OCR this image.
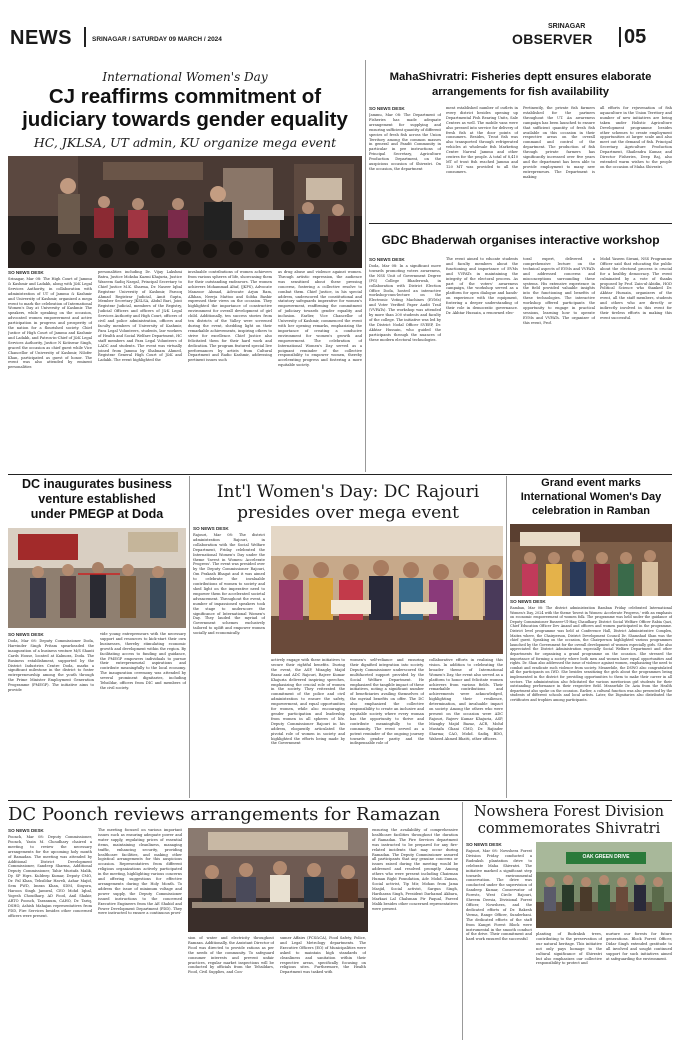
NEWS	SRINAGAR / SATURDAY 09 MARCH / 2024
SRINAGAR
OBSERVER 05
International Women's Day
CJ reaffirms commitment of
judiciary towards gender equality
HC, JKLSA, UT admin, KU organize mega event
SO NEWS DESK

Srinagar, Mar 08: The High Court of Jammu & Kashmir and Ladakh, along with J&K Legal Services Authority, in collaboration with administration of UT of Jammu & Kashmir and University of Kashmir, organized a mega event to mark the celebration of International Women's Day at University of Kashmir. The speakers, while speaking on the occasion, advocated women empowerment and active participation in progress and prosperity of the nation for a flourished society. Chief Justice of High Court of Jammu and Kashmir and Ladakh, and Patron-in-Chief of J&K Legal Services Authority, Justice N Kotiswar Singh, graced the occasion as chief guest while Vice Chancellor of University of Kashmir, Nilofer Khan, participated as guest of honor. The event was also attended by eminent personalities

personalities including Dr. Vijay Lakshmi Batra, Justice Moksha Kazmi Khajuria, Justice Waseem Sadiq Nargal, Principal Secretary to Chief Justice M.K. Sharma, Dr. Naseer Iqbal Registrar University of Kashmir, Farooq Ahmad Registrar Judicial, Amit Gupta, Member Secretary JKSLSA, Abdul Bari, Joint Registrar Judicial, members of the Registry, Judicial Officers and officers of J&K Legal Services Authority and High Court, officers of civil and police administration, officers and faculty members of University of Kashmir, Para Legal Volunteers, students, law workers of Health and Social Welfare Department, HC staff members and Para Legal Volunteers of LADC and students. The event was virtually joined from Jammu by Shabnam Ahmed, Registrar General High Court of J&K and Ladakh. The event highlighted the

invaluable contributions of women achievers from various spheres of life, showcasing them for their outstanding endeavors. The women achievers Mohammad Altaf, (JKPS), Advocate Manzoor Ahmad, Advocate Arjun Ram, Alhhan, Neerja Mattoo and Sobha Bashir expressed their views on the occasion. They highlighted the importance of constructive environment for overall development of girl child. Additionally, ten success stories from ten districts of the Valley were screened during the event, shedding light on their remarkable achievements, inspiring others to strive for excellence. Chief Justice also felicitated them for their hard work and dedication. The program featured special live performances by artists from Cultural Department and Radio Kashmir, addressing pertinent issues such

as drug abuse and violence against women. Through artistic expression, the audience was sensitized about these pressing concerns, fostering a collective resolve to combat them. Chief Justice, in his special address, underscored the constitutional and statutory safeguards imperative for women's empowerment, reaffirming the commitment of judiciary towards gender equality and inclusion. Earlier, Vice Chancellor of University of Kashmir, commenced the event with her opening remarks, emphasizing the importance of creating a conducive environment for women's growth and empowerment. The celebration of International Women's Day served as a poignant reminder of the collective responsibility to empower women, thereby accelerating progress and fostering a more equitable society.

MahaShivratri: Fisheries deptt ensures elaborate
arrangements for fish availability
SO NEWS DESK

Jammu, Mar 08: The Department of Fisheries has made adequate arrangement for supplying and ensuring sufficient quantity of different species of fresh fish across the Union Territory among the common masses in general and Pandit Community in particular in pre instructions of Principal Secretary, Agriculture Production Department, on the auspicious occasion of Shivratri. On the occasion, the department

ment established number of outlets in every district besides opening up Departmental Fish Rearing Units, Sale Centers as well. The mobile vans were also pressed into service for delivery of fresh fish at the door points of consumers. Besides, Trout fish was also transported through refrigerated vehicles at wholesale fish Marketing Centre Narwal Jammu and other centres for the people. A total of 8,410 MT of trout fish reached Jammu and 120 MT was provided to all the consumers.

Pertinently, the private fish farmers established for the partners throughout the UT. An awareness campaign has been launched to ensure that sufficient quantity of fresh fish available on this occasion in their respective areas on the overall command and control of the department. The production of fish through private farmers has significantly increased over five years and the department has been able to provide employment to many new entrepreneurs. The Department is making

all efforts for rejuvenation of fish aquaculture in the Union Territory and number of new initiatives are being taken under Holistic Agriculture Development programme besides other schemes to create employment opportunities at larger scale and also meet out the demand of fish. Principal Secretary, Agriculture Production Department, Shailendra Kumar, and Director Fisheries, Deep Raj, also extended warm wishes to the people on the occasion of Maha Shivratri.

GDC Bhaderwah organises interactive workshop
SO NEWS DESK

Doda, Mar 08: In a significant move towards promoting voters awareness, the NSS Unit of Government Degree (PG) College Bhaderwah, in collaboration with District Election Office Doda, hosted an interactive workshop-cum-lecture on the Electronic Voting Machines (EVMs) and Voter Verified Paper Audit Trail (VVPATs). The workshop was attended by more than 200 students and faculty of the college. The initiative was led by the District Nodal Officer SVEEP, Dr. Akhtar Hussain, who guided the participants through the nuances of these modern electoral technologies.

The event aimed to educate students and faculty members about the functioning and importance of EVMs and VVPATs in maintaining the integrity of the electoral process. As part of the voters' awareness campaign, the workshop served as a platform for open dialogue and hands-on experience with the equipment, fostering a deeper understanding of their role in democratic governance. Dr. Akhtar Hussain, a renowned elec-

toral expert, delivered a comprehensive lecture on the technical aspects of EVMs and VVPATs and addressed concerns and misconceptions surrounding these systems. His extensive experience in the field provided valuable insights into the functioning and benefits of these technologies. The interactive workshop offered participants the opportunity to engage in practical sessions, learning how to operate EVMs and VVPATs. The organizer of this event, Prof.

Mohd Yaseen Siwani, NSS Programme Officer said that educating the public about the electoral process is crucial for a healthy democracy. The event culminated by a vote of thanks proposed by Prof. Zain-ul-Abidin, HOD Political Science who thanked Dr. Akhtar Hussain, organizers of the event, all the staff members, students and others who are directly or indirectly involved in this event for their tireless efforts in making this event successful.

DC inaugurates business
venture established
under PMEGP at Doda
SO NEWS DESK

Doda, Mar 08: Deputy Commissioner Doda, Harvinder Singh Pritam spearheaded the inauguration of a business venture M/S Shanti Cards House, located at Kalmora, Doda. The Business establishment, supported by the District Industries Centre Doda, marks a significant milestone in the district to foster entrepreneurship among the youth through the Prime Minister Employment Generation Programme (PMEGP). The initiative aims to provide

vide young entrepreneurs with the necessary support and resources to kick-start their own businesses, thereby stimulating economic growth and development within the region. By facilitating access to funding and guidance, the PMEGP empowers individuals to pursue their entrepreneurial aspirations and contribute meaningfully to the local economy. The inauguration ceremony was attended by several prominent dignitaries, including Tehsildar, officers from DIC and members of the civil society.

Int'l Women's Day: DC Rajouri
presides over mega event
SO NEWS DESK

Rajouri, Mar 08: The district administration Rajouri, in collaboration with the Social Welfare Department, Friday celebrated the International Women's Day under the theme 'Invest in Women: Accelerate Progress'. The event was presided over by the Deputy Commissioner Rajouri, Om Prakash Bhagat and it was aimed to celebrate the invaluable contributions of women to society and shed light on the imperative need to empower them for accelerated societal advancement. Throughout the event, a number of impassioned speakers took the stage to underscore the significance of International Women's Day. They lauded the myriad of Government schemes exclusively tailored to uplift and empower women socially and economically.

actively engage with these initiatives to secure their rightful benefits. During the event, the ASP, Mizaghy Majid Bazaz and ADC Rajouri, Rajeev Kumar Khajuria delivered inspiring speeches, emphasizing the crucial role of women in the society. They reiterated the commitment of the police and civil administration to ensure the safety, empowerment, and equal opportunities for women, while also encouraging gender participation and leadership from women in all spheres of life. Deputy Commissioner Rajouri in his address, eloquently articulated the pivotal role of women in society and highlighted the efforts being made by the Government

women's self-reliance and ensuring their dignified integration into society. Deputy Commissioner underscored the multifaceted support provided by the Social Welfare Department. He emphasized the tangible impact of these initiatives, noting a significant number of beneficiaries availing themselves of the myriad benefits on offer. The DC also emphasized the collective responsibility to create an inclusive and equitable society where every woman has the opportunity to thrive and contribute meaningfully to the community. The event served as a potent reminder of the ongoing journey towards gender parity and the indispensable role of

collaborative efforts in realizing this vision. In addition to celebrating the broader theme of International Women's Day, the event also served as a platform to honor and felicitate women achievers from various fields. Their remarkable contributions and achievements were acknowledged, highlighting their resilience, determination, and invaluable impact on society. Among the others who were present on the occasion were ADC Rajouri, Rajeev Kumar Khajuria, ASP, Mizaghy Majid Bazaz, ACR, Mohd Mustafa Ghani CMO, Dr. Rajinder Sharma; CAO, Mohd. Sadiq, BDO, Waheed Ahmed Bhatti, other officers.

Grand event marks
International Women's Day
celebration in Ramban
SO NEWS DESK

Ramban, Mar 08: The district administration Ramban Friday celebrated International Women's Day, 2024 with the theme 'Invest in Women: Accelerate Progress,' with an emphasis on economic empowerment of women folk. The programme was held under the guidance of Deputy Commissioner Basseer-Ul-Haq Chaudhary. District Social Welfare Officer Rabia Qazi, Chief Education Officer Dev Anand and officers and women participated in the programme. District level programme was held at Conference Hall, District Administrative Complex, Maitra where, the Chairperson, District Development Council Dr. Shamshad Shan was the chief guest. Speaking on the occasion, the Chairperson highlighted various programmes launched by the Government for the overall development of women especially girls. She also appreciated the District Administration especially Social Welfare Department and other departments for organizing a grand programme on the occasion. She stressed the importance of forming a society where both men and women have equal opportunities and rights. Dr. Shan also addressed the issue of violence against women, emphasizing the need to combat and eradicate such violence from society. Meanwhile, the DSWO also congratulated all the participants on IWD. She besides sensitizing the girls about the programmes being implemented in the district for providing opportunities to them to make their career in all sectors. The administration also felicitated the various meritorious girl students for their outstanding performance in their respective field. Meanwhile Dr. Azia from the Health department also spoke on the occasion. Earlier, a cultural function was also presented by the students of different schools and local artists. Later, the Dignitaries also distributed the certificates and trophies among participants.

DC Poonch reviews arrangements for Ramazan
SO NEWS DESK

Poonch, Mar 08: Deputy Commissioner, Poonch, Yasin M. Choudhary chaired a meeting to review the necessary arrangements for the upcoming holy month of Ramadan. The meeting was attended by Additional District Development Commissioner, Sandeep Sharma, Additional Deputy Commissioner, Tahir Mustafa Malik, Dy. SP Hqrs. Kuldeep Kumar, Deputy CMO, Dr. Pal Khan, Tehsildar Haveli, Azhar Majid, Sem PWD, Imran Khan, SDM, Sinyora, Haroon Singh Jamwal, CEO Mohd Iqbal, Yogesh Choudhary, AD Food, Anil Shakir, ARTO Poonch, Tarannum, CAHO, Dr. Tariq, DSHO, Ashish Mahajan representatives from PDD, Fire Services besides other concerned officers were present.

The meeting focused on various important issues such as ensuring adequate power and water supply, regulating prices of essential items, maintaining cleanliness, managing traffic, enhancing security, providing healthcare facilities, and making other logistical arrangements for this auspicious occasion. Representatives from different religious organizations actively participated in the meeting, highlighting various concerns and offering suggestions for effective arrangements during the Holy Month. To address the issue of minimum voltage and power supply, the Deputy Commissioner issued instructions to the concerned Executive Engineers from the AE Shahid and Power Development Department (PDD). They were instructed to ensure a continuous provi-

sion of water and electricity throughout Ramzan. Additionally, the Assistant Director of Food was directed to provide rations as per the needs of the community. To safeguard consumer interests and prevent unfair practices, regular market inspections will be conducted by officials from the Tehsildars, Food, Civil Supplies, and Con-

sumer Affairs (FCS&CA), Food Safety, Police, and Legal Metrology departments. The Executive Officers (EO) of Municipalities were asked to maintain high standards of cleanliness and sanitation within their respective areas, specifically focusing on religious sites. Furthermore, the Health Department was tasked with

ensuring the availability of comprehensive healthcare facilities throughout the duration of Ramadan. The Fire Services department was instructed to be prepared for any fire-related incidents that may occur during Ramadan. The Deputy Commissioner assured all participants that any genuine concerns or issues raised during the meeting would be addressed and resolved promptly. Among others who were present including Chairman Human Right Foundation, Adv. Mohd. Zaman, Social activist, Tip Mir, Mohan from Jama Masjid, Social activist, Sargun Singh, Hariharan Singh, President Darhamul Akbara, Markazi Lal Chalsman Pir Faqual, Fareed Malik besides other concerned representatives were present.

Nowshera Forest Division
commemorates Shivratri
SO NEWS DESK

Rajouri, Mar 08: Nowshera Forest Division Friday conducted a Rudraksh plantation drive to celebrate Maha Shivratri. The initiative marked a significant step towards environmental conservation. The drive was conducted under the supervision of Sandeep Kumar, Conservator of Forests, West Circle Rajouri, Shreem Deesia, Divisional Forest Officer, Nowshera, and the dedicated efforts of Dr. Rakesh Verma, Range Officer, Sunderbani. The dedicated efforts of the staff from Kangri Forest Block were instrumental in the smooth conduct of the drive. Their commitment and hard work ensured the successful

OAK GREEN DRIVE

planting of Rudraksh trees, contributing to the preservation of our natural heritage. This initiative not only pays homage to the cultural significance of Shivratri but also emphasizes our collective responsibility to protect and

nurture our forests for future generations. Block Forest Officer, Didar Singh extended gratitude to all involved and sought continued support for such initiatives aimed at safeguarding the environment.
